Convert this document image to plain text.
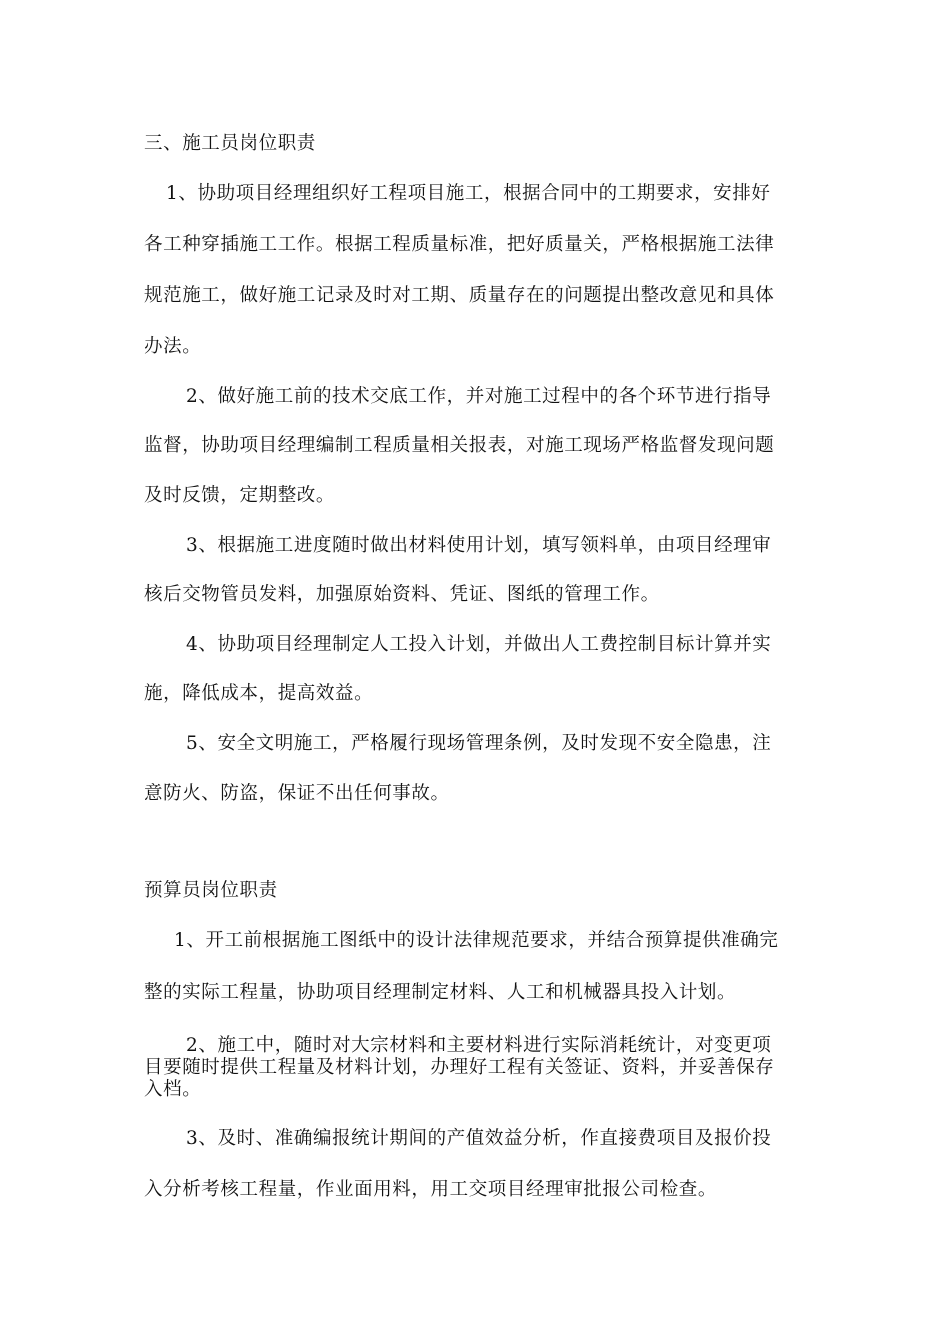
三、施工员岗位职责
1、协助项目经理组织好工程项目施工，根据合同中的工期要求，安排好
各工种穿插施工工作。根据工程质量标准，把好质量关，严格根据施工法律
规范施工，做好施工记录及时对工期、质量存在的问题提出整改意见和具体
办法。
2、做好施工前的技术交底工作，并对施工过程中的各个环节进行指导
监督，协助项目经理编制工程质量相关报表，对施工现场严格监督发现问题
及时反馈，定期整改。
3、根据施工进度随时做出材料使用计划，填写领料单，由项目经理审
核后交物管员发料，加强原始资料、凭证、图纸的管理工作。
4、协助项目经理制定人工投入计划，并做出人工费控制目标计算并实
施，降低成本，提高效益。
5、安全文明施工，严格履行现场管理条例，及时发现不安全隐患，注
意防火、防盗，保证不出任何事故。
预算员岗位职责
1、开工前根据施工图纸中的设计法律规范要求，并结合预算提供准确完
整的实际工程量，协助项目经理制定材料、人工和机械器具投入计划。
2、施工中，随时对大宗材料和主要材料进行实际消耗统计，对变更项
目要随时提供工程量及材料计划，办理好工程有关签证、资料，并妥善保存
入档。
3、及时、准确编报统计期间的产值效益分析，作直接费项目及报价投
入分析考核工程量，作业面用料，用工交项目经理审批报公司检查。
